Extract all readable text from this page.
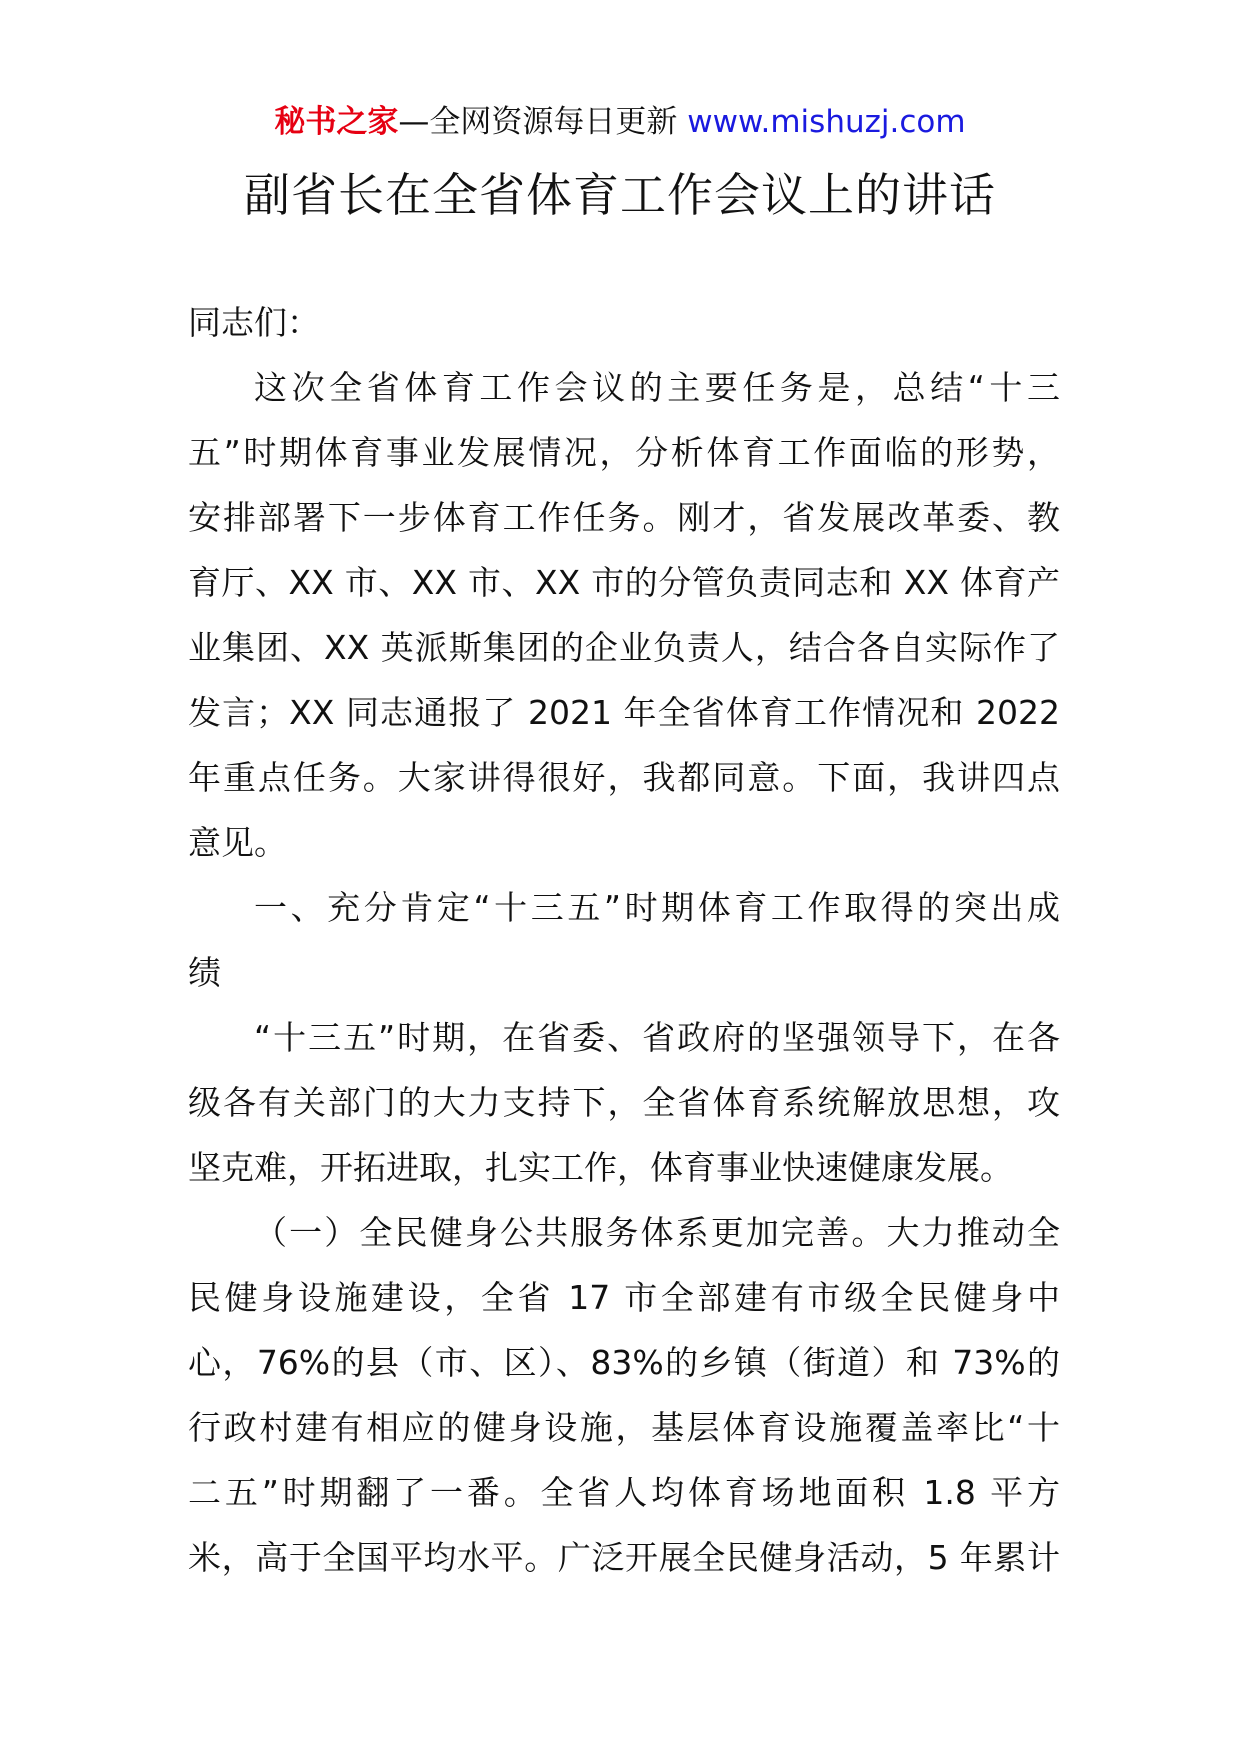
秘书之家—全网资源每日更新 www.mishuzj.com
副省长在全省体育工作会议上的讲话
同志们：
这次全省体育工作会议的主要任务是，总结“十三
五”时期体育事业发展情况，分析体育工作面临的形势，
安排部署下一步体育工作任务。刚才，省发展改革委、教
育厅、XX 市、XX 市、XX 市的分管负责同志和 XX 体育产
业集团、XX 英派斯集团的企业负责人，结合各自实际作了
发言；XX 同志通报了 2021 年全省体育工作情况和 2022
年重点任务。大家讲得很好，我都同意。下面，我讲四点
意见。
一、充分肯定“十三五”时期体育工作取得的突出成
绩
“十三五”时期，在省委、省政府的坚强领导下，在各
级各有关部门的大力支持下，全省体育系统解放思想，攻
坚克难，开拓进取，扎实工作，体育事业快速健康发展。
（一）全民健身公共服务体系更加完善。大力推动全
民健身设施建设，全省 17 市全部建有市级全民健身中
心，76%的县（市、区）、83%的乡镇（街道）和 73%的
行政村建有相应的健身设施，基层体育设施覆盖率比“十
二五”时期翻了一番。全省人均体育场地面积 1.8 平方
米，高于全国平均水平。广泛开展全民健身活动，5 年累计
